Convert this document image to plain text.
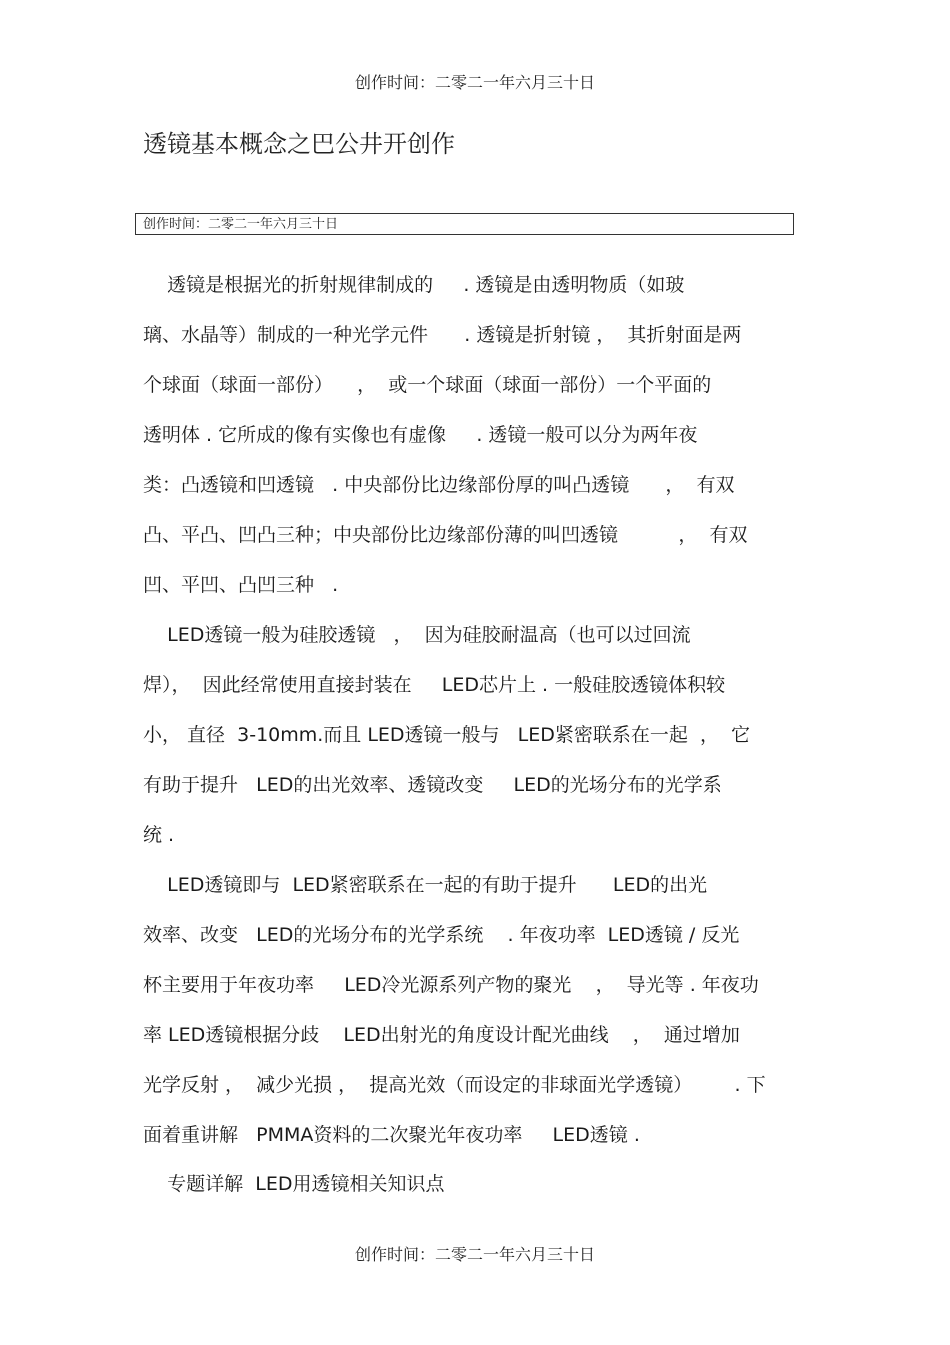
创作时间：二零二一年六月三十日
透镜基本概念之巴公井开创作
创作时间：二零二一年六月三十日
透镜是根据光的折射规律制成的     . 透镜是由透明物质（如玻
璃、水晶等）制成的一种光学元件      . 透镜是折射镜 ，  其折射面是两
个球面（球面一部份）    ，  或一个球面（球面一部份）一个平面的
透明体 . 它所成的像有实像也有虚像     . 透镜一般可以分为两年夜
类：凸透镜和凹透镜   . 中央部份比边缘部份厚的叫凸透镜      ，  有双
凸、平凸、凹凸三种；中央部份比边缘部份薄的叫凹透镜          ，  有双
凹、平凹、凸凹三种   .
LED透镜一般为硅胶透镜   ，  因为硅胶耐温高（也可以过回流
焊），  因此经常使用直接封装在     LED芯片上 . 一般硅胶透镜体积较
小， 直径  3-10mm.而且 LED透镜一般与   LED紧密联系在一起  ，  它
有助于提升   LED的出光效率、透镜改变     LED的光场分布的光学系
统 .
LED透镜即与  LED紧密联系在一起的有助于提升      LED的出光
效率、改变   LED的光场分布的光学系统    . 年夜功率  LED透镜 / 反光
杯主要用于年夜功率     LED冷光源系列产物的聚光    ，  导光等 . 年夜功
率 LED透镜根据分歧    LED出射光的角度设计配光曲线    ，  通过增加
光学反射 ，  减少光损 ，  提高光效（而设定的非球面光学透镜）       . 下
面着重讲解   PMMA资料的二次聚光年夜功率     LED透镜 .
专题详解  LED用透镜相关知识点
创作时间：二零二一年六月三十日
